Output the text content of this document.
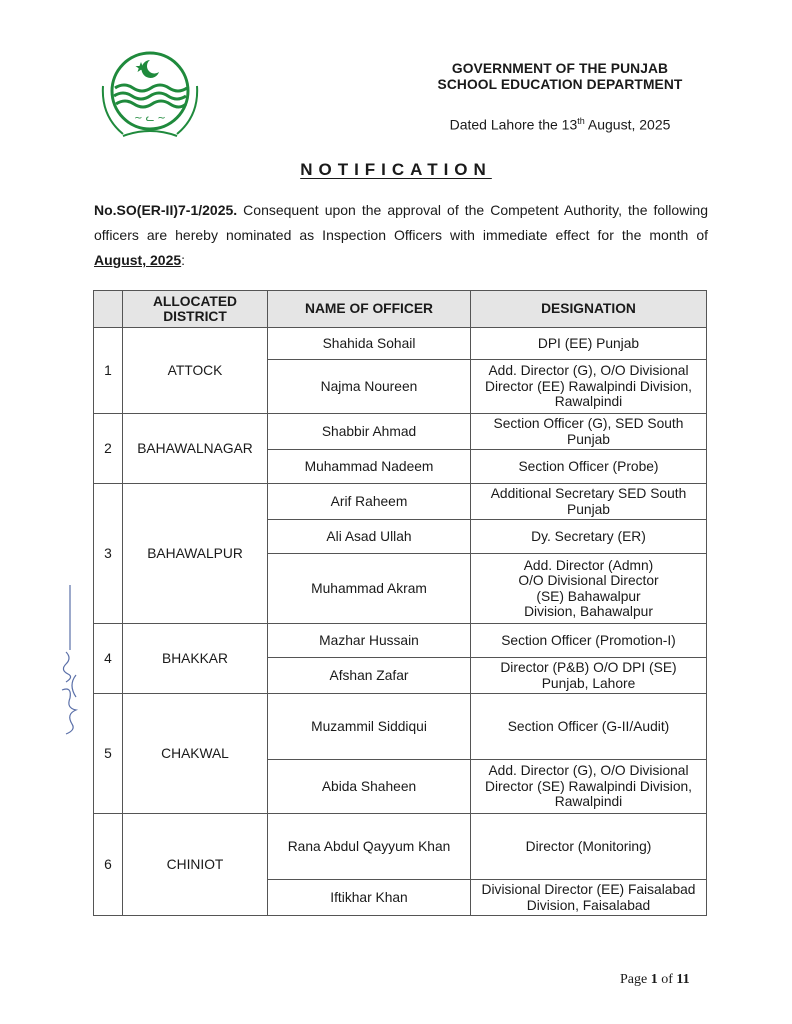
~ ᓚ ~
GOVERNMENT OF THE PUNJAB
SCHOOL EDUCATION DEPARTMENT
Dated Lahore the 13th August, 2025
NOTIFICATION
No.SO(ER-II)7-1/2025. Consequent upon the approval of the Competent Authority, the following officers are hereby nominated as Inspection Officers with immediate effect for the month of August, 2025:
	ALLOCATED DISTRICT	NAME OF OFFICER	DESIGNATION
1	ATTOCK	Shahida Sohail	DPI (EE) Punjab
		Najma Noureen	Add. Director (G), O/O Divisional Director (EE) Rawalpindi Division, Rawalpindi
2	BAHAWALNAGAR	Shabbir Ahmad	Section Officer (G), SED South Punjab
		Muhammad Nadeem	Section Officer (Probe)
3	BAHAWALPUR	Arif Raheem	Additional Secretary SED South Punjab
		Ali Asad Ullah	Dy. Secretary (ER)
		Muhammad Akram	Add. Director (Admn) O/O Divisional Director (SE) Bahawalpur Division, Bahawalpur
4	BHAKKAR	Mazhar Hussain	Section Officer (Promotion-I)
		Afshan Zafar	Director (P&B) O/O DPI (SE) Punjab, Lahore
5	CHAKWAL	Muzammil Siddiqui	Section Officer (G-II/Audit)
		Abida Shaheen	Add. Director (G), O/O Divisional Director (SE) Rawalpindi Division, Rawalpindi
6	CHINIOT	Rana Abdul Qayyum Khan	Director (Monitoring)
		Iftikhar Khan	Divisional Director (EE) Faisalabad Division, Faisalabad
Page 1 of 11
